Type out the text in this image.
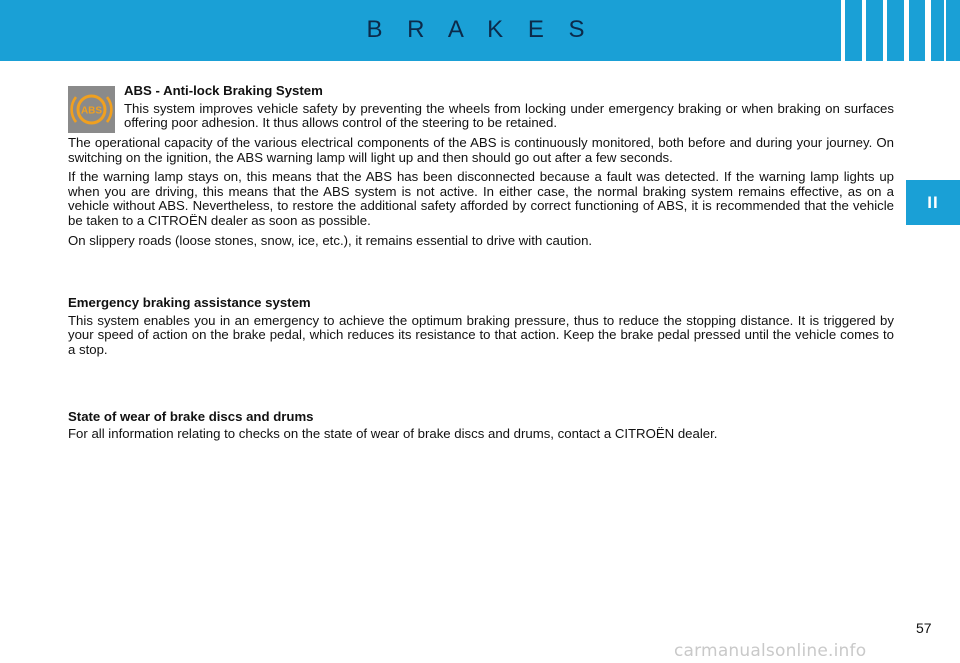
B R A K E S
II
ABS
ABS - Anti-lock Braking System

This system improves vehicle safety by preventing the wheels from locking under emergency braking or when braking on surfaces offering poor adhesion. It thus allows control of the steering to be retained.

The operational capacity of the various electrical components of the ABS is continuously monitored, both before and during your journey. On switching on the ignition, the ABS warning lamp will light up and then should go out after a few seconds.

If the warning lamp stays on, this means that the ABS has been disconnected because a fault was detected. If the warning lamp lights up when you are driving, this means that the ABS system is not active. In either case, the normal braking system remains effective, as on a vehicle without ABS. Nevertheless, to restore the additional safety afforded by correct functioning of ABS, it is recommended that the vehicle be taken to a CITROËN dealer as soon as possible.

On slippery roads (loose stones, snow, ice, etc.), it remains essential to drive with caution.

Emergency braking assistance system

This system enables you in an emergency to achieve the optimum braking pressure, thus to reduce the stopping distance. It is triggered by your speed of action on the brake pedal, which reduces its resistance to that action. Keep the brake pedal pressed until the vehicle comes to a stop.

State of wear of brake discs and drums

For all information relating to checks on the state of wear of brake discs and drums, contact a CITROËN dealer.

57
carmanualsonline.info
